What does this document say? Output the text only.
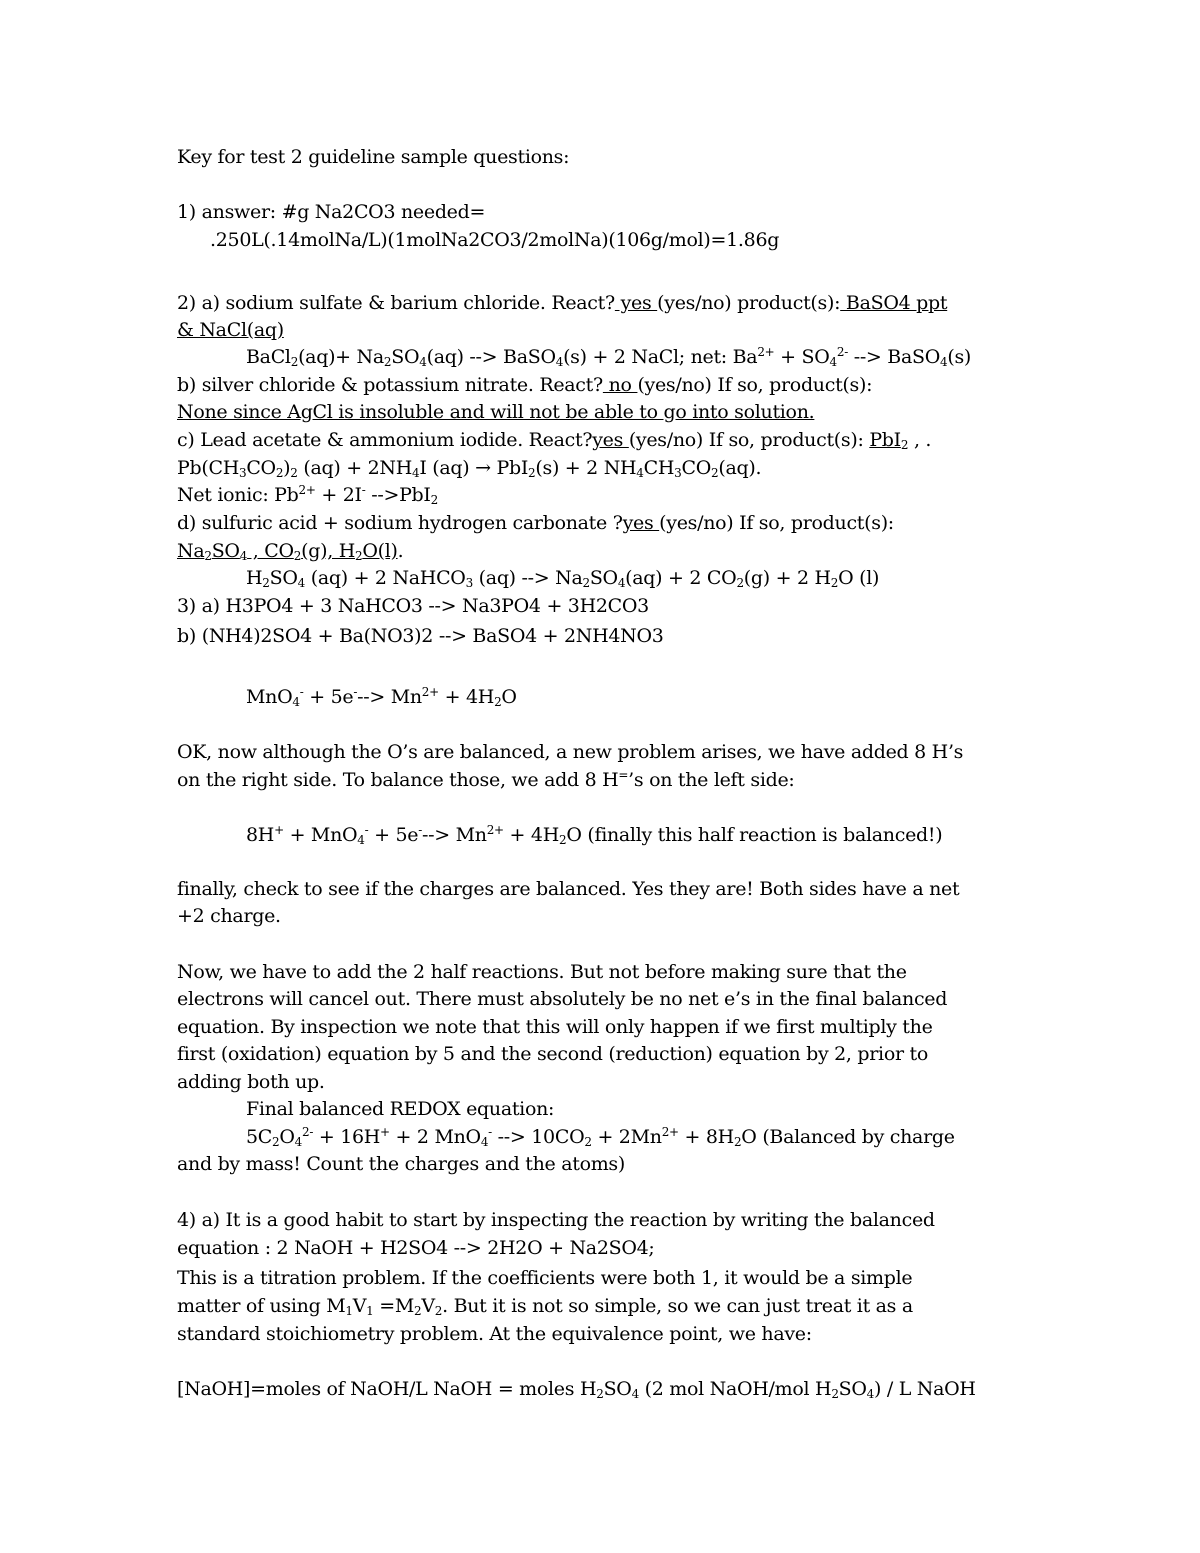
Key for test 2 guideline sample questions:
1) answer: #g Na2CO3 needed=
.250L(.14molNa/L)(1molNa2CO3/2molNa)(106g/mol)=1.86g
2) a) sodium sulfate & barium chloride. React? yes (yes/no) product(s): BaSO4 ppt
& NaCl(aq)
BaCl$_2$(aq)+ $Na_2SO_4(aq)$ --> BaSO$_4$(s) + 2 NaCl; net: $Ba^{2+} + SO_4^{2-}$ --> BaSO$_4$(s)
b) silver chloride & potassium nitrate. React? no (yes/no) If so, product(s):
None since AgCl is insoluble and will not be able to go into solution.
c) Lead acetate & ammonium iodide. React?yes (yes/no) If so, product(s): PbI$_2$ , .
$Pb(CH_3CO_2)_2$ $(aq) + 2NH_4I$ (aq) → PbI$_2$(s) + 2 $NH_4CH_3CO_2(aq)$.
Net ionic: $Pb^{2+} + 2I^-$ -->PbI$_2$
d) sulfuric acid + sodium hydrogen carbonate ?yes (yes/no) If so, product(s):
$Na_2SO_4$ , $CO_2(g)$, $H_2O(l)$.
$H_2SO_4$ (aq) + 2 NaHCO$_3$ (aq) --> $Na_2SO_4(aq) + 2$ $CO_2(g) + 2$ $H_2O$ (l)
3) a) H3PO4 + 3 NaHCO3 --> Na3PO4 + 3H2CO3
b) (NH4)2SO4 + Ba(NO3)2 --> BaSO4 + 2NH4NO3
$MnO_4^- + 5e^---> Mn^{2+} + 4H_2O$
OK, now although the O’s are balanced, a new problem arises, we have added 8 H’s
on the right side. To balance those, we add 8 H=’s on the left side:
$8H^+ + MnO_4^- + 5e^---> Mn^{2+} + 4H_2O$ (finally this half reaction is balanced!)
finally, check to see if the charges are balanced. Yes they are! Both sides have a net
+2 charge.
Now, we have to add the 2 half reactions. But not before making sure that the
electrons will cancel out. There must absolutely be no net e’s in the final balanced
equation. By inspection we note that this will only happen if we first multiply the
first (oxidation) equation by 5 and the second (reduction) equation by 2, prior to
adding both up.
Final balanced REDOX equation:
$5C_2O_4^{2-} + 16H^+ + 2$ MnO$_4$- --> $10CO_2 + 2Mn^{2+} + 8H_2O$ (Balanced by charge
and by mass! Count the charges and the atoms)
4) a) It is a good habit to start by inspecting the reaction by writing the balanced
equation : 2 NaOH + H2SO4 --> 2H2O + Na2SO4;
This is a titration problem. If the coefficients were both 1, it would be a simple
matter of using $M_1V_1 =M_2V_2$. But it is not so simple, so we can just treat it as a
standard stoichiometry problem. At the equivalence point, we have:
[NaOH]=moles of NaOH/L NaOH = moles $H_2SO_4$ (2 mol NaOH/mol $H_2SO_4$) / L NaOH
